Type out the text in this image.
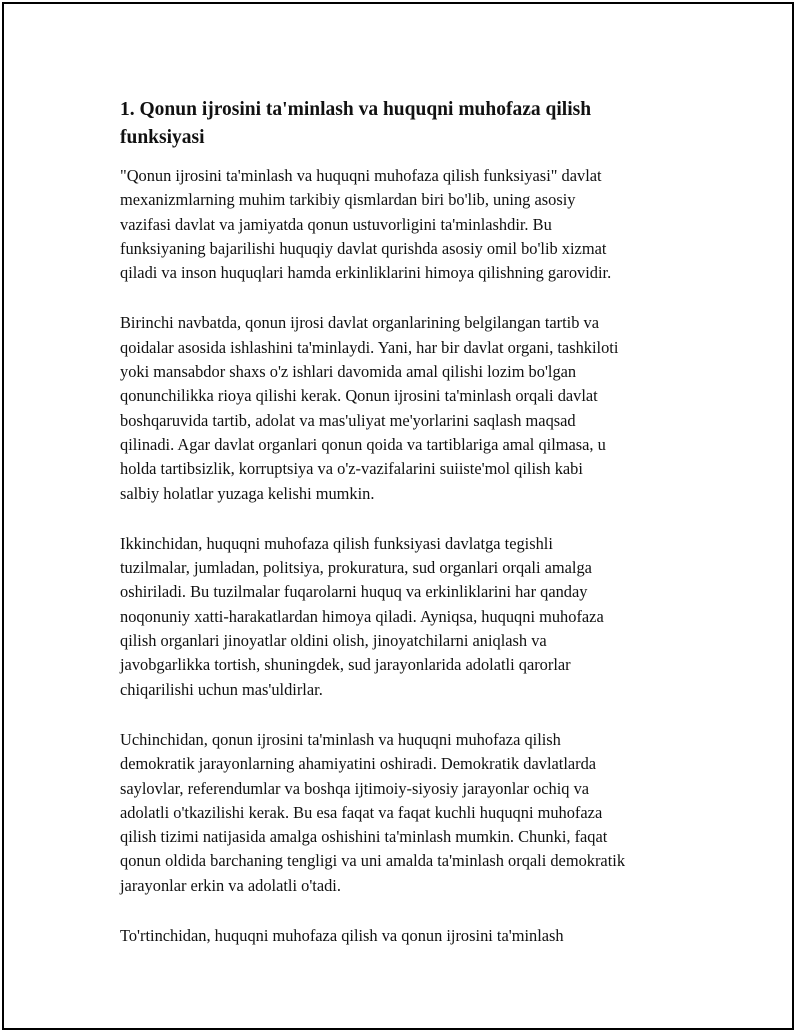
1. Qonun ijrosini ta'minlash va huquqni muhofaza qilish
funksiyasi

"Qonun ijrosini ta'minlash va huquqni muhofaza qilish funksiyasi" davlat
mexanizmlarning muhim tarkibiy qismlardan biri bo'lib, uning asosiy
vazifasi davlat va jamiyatda qonun ustuvorligini ta'minlashdir. Bu
funksiyaning bajarilishi huquqiy davlat qurishda asosiy omil bo'lib xizmat
qiladi va inson huquqlari hamda erkinliklarini himoya qilishning garovidir.

Birinchi navbatda, qonun ijrosi davlat organlarining belgilangan tartib va
qoidalar asosida ishlashini ta'minlaydi. Yani, har bir davlat organi, tashkiloti
yoki mansabdor shaxs o'z ishlari davomida amal qilishi lozim bo'lgan
qonunchilikka rioya qilishi kerak. Qonun ijrosini ta'minlash orqali davlat
boshqaruvida tartib, adolat va mas'uliyat me'yorlarini saqlash maqsad
qilinadi. Agar davlat organlari qonun qoida va tartiblariga amal qilmasa, u
holda tartibsizlik, korruptsiya va o'z-vazifalarini suiiste'mol qilish kabi
salbiy holatlar yuzaga kelishi mumkin.

Ikkinchidan, huquqni muhofaza qilish funksiyasi davlatga tegishli
tuzilmalar, jumladan, politsiya, prokuratura, sud organlari orqali amalga
oshiriladi. Bu tuzilmalar fuqarolarni huquq va erkinliklarini har qanday
noqonuniy xatti-harakatlardan himoya qiladi. Ayniqsa, huquqni muhofaza
qilish organlari jinoyatlar oldini olish, jinoyatchilarni aniqlash va
javobgarlikka tortish, shuningdek, sud jarayonlarida adolatli qarorlar
chiqarilishi uchun mas'uldirlar.

Uchinchidan, qonun ijrosini ta'minlash va huquqni muhofaza qilish
demokratik jarayonlarning ahamiyatini oshiradi. Demokratik davlatlarda
saylovlar, referendumlar va boshqa ijtimoiy-siyosiy jarayonlar ochiq va
adolatli o'tkazilishi kerak. Bu esa faqat va faqat kuchli huquqni muhofaza
qilish tizimi natijasida amalga oshishini ta'minlash mumkin. Chunki, faqat
qonun oldida barchaning tengligi va uni amalda ta'minlash orqali demokratik
jarayonlar erkin va adolatli o'tadi.

To'rtinchidan, huquqni muhofaza qilish va qonun ijrosini ta'minlash
